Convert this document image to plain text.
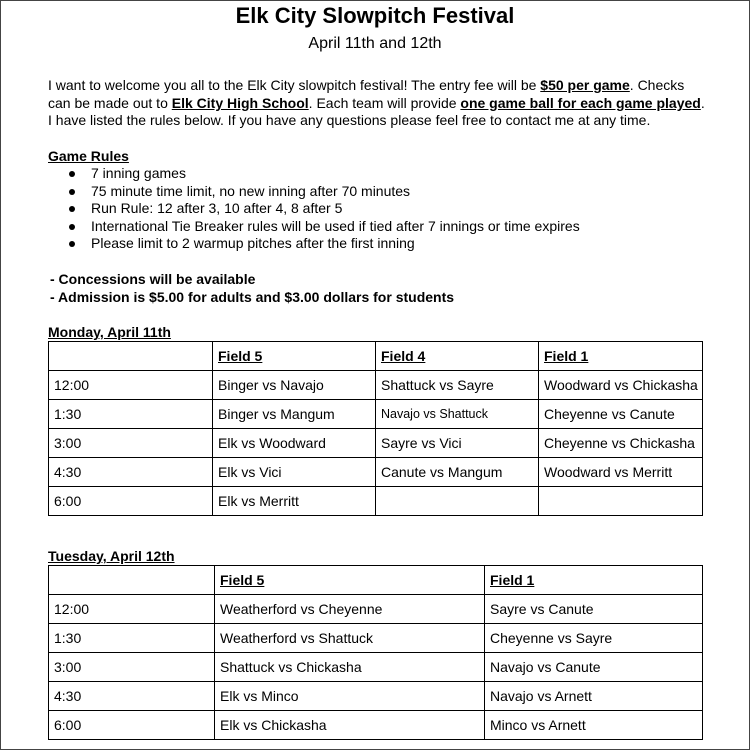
Elk City Slowpitch Festival
April 11th and 12th
I want to welcome you all to the Elk City slowpitch festival! The entry fee will be $50 per game. Checks can be made out to Elk City High School. Each team will provide one game ball for each game played. I have listed the rules below. If you have any questions please feel free to contact me at any time.
Game Rules
7 inning games
75 minute time limit, no new inning after 70 minutes
Run Rule: 12 after 3, 10 after 4, 8 after 5
International Tie Breaker rules will be used if tied after 7 innings or time expires
Please limit to 2 warmup pitches after the first inning
- Concessions will be available
- Admission is $5.00 for adults and $3.00 dollars for students
Monday, April 11th
	Field 5	Field 4	Field 1
12:00	Binger vs Navajo	Shattuck vs Sayre	Woodward vs Chickasha
1:30	Binger vs Mangum	Navajo vs Shattuck	Cheyenne vs Canute
3:00	Elk vs Woodward	Sayre vs Vici	Cheyenne vs Chickasha
4:30	Elk vs Vici	Canute vs Mangum	Woodward vs Merritt
6:00	Elk vs Merritt		
Tuesday, April 12th
	Field 5	Field 1
12:00	Weatherford vs Cheyenne	Sayre vs Canute
1:30	Weatherford vs Shattuck	Cheyenne vs Sayre
3:00	Shattuck vs Chickasha	Navajo vs Canute
4:30	Elk vs Minco	Navajo vs Arnett
6:00	Elk vs Chickasha	Minco vs Arnett
